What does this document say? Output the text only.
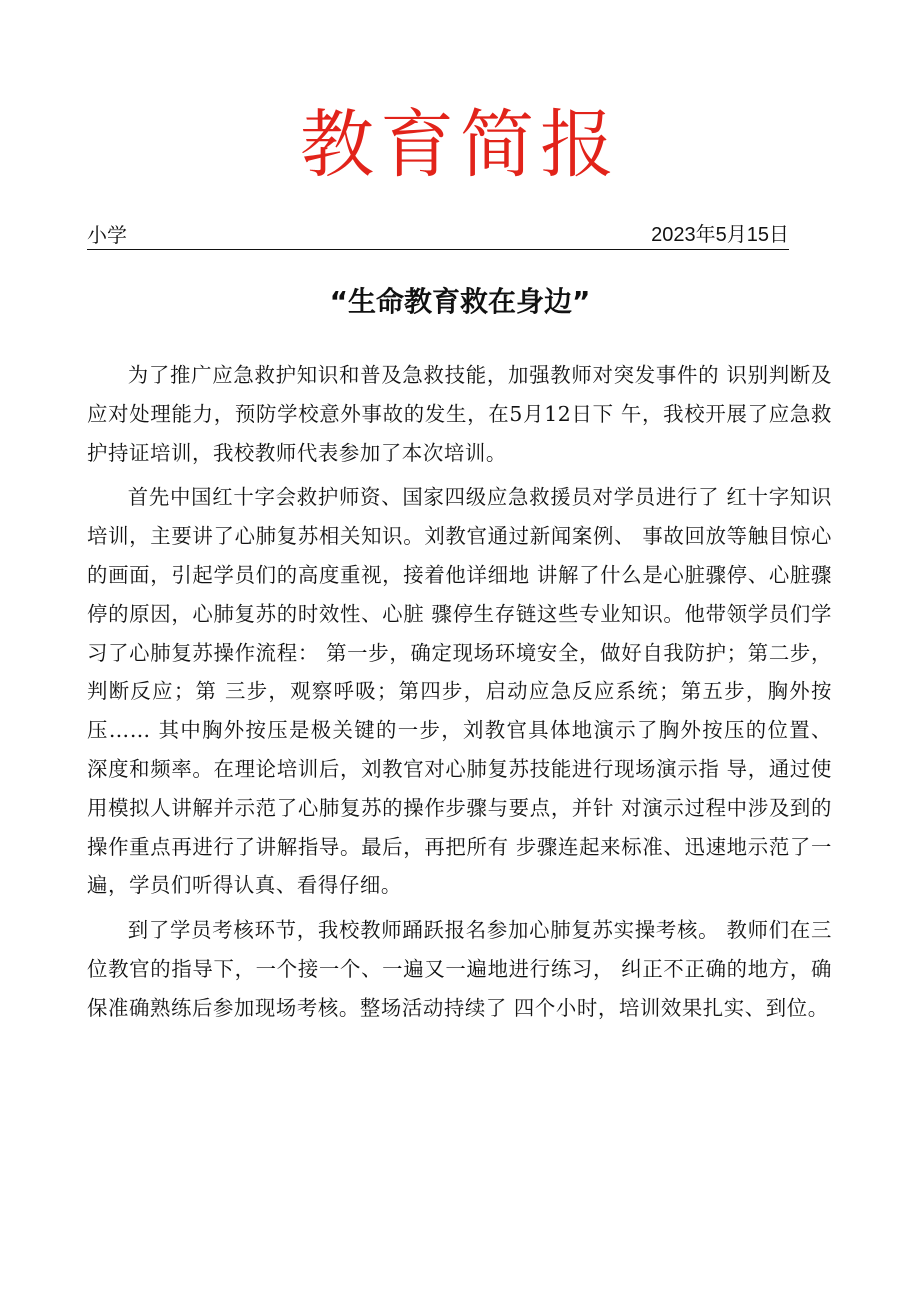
教育简报
小学	2023年5月15日
“生命教育救在身边”

为了推广应急救护知识和普及急救技能，加强教师对突发事件的 识别判断及应对处理能力，预防学校意外事故的发生，在5月12日下 午，我校开展了应急救护持证培训，我校教师代表参加了本次培训。

首先中国红十字会救护师资、国家四级应急救援员对学员进行了 红十字知识培训，主要讲了心肺复苏相关知识。刘教官通过新闻案例、 事故回放等触目惊心的画面，引起学员们的高度重视，接着他详细地 讲解了什么是心脏骤停、心脏骤停的原因，心肺复苏的时效性、心脏 骤停生存链这些专业知识。他带领学员们学习了心肺复苏操作流程： 第一步，确定现场环境安全，做好自我防护；第二步，判断反应；第 三步，观察呼吸；第四步，启动应急反应系统；第五步，胸外按压…… 其中胸外按压是极关键的一步，刘教官具体地演示了胸外按压的位置、 深度和频率。在理论培训后，刘教官对心肺复苏技能进行现场演示指 导，通过使用模拟人讲解并示范了心肺复苏的操作步骤与要点，并针 对演示过程中涉及到的操作重点再进行了讲解指导。最后，再把所有 步骤连起来标准、迅速地示范了一遍，学员们听得认真、看得仔细。

到了学员考核环节，我校教师踊跃报名参加心肺复苏实操考核。 教师们在三位教官的指导下，一个接一个、一遍又一遍地进行练习， 纠正不正确的地方，确保准确熟练后参加现场考核。整场活动持续了 四个小时，培训效果扎实、到位。
